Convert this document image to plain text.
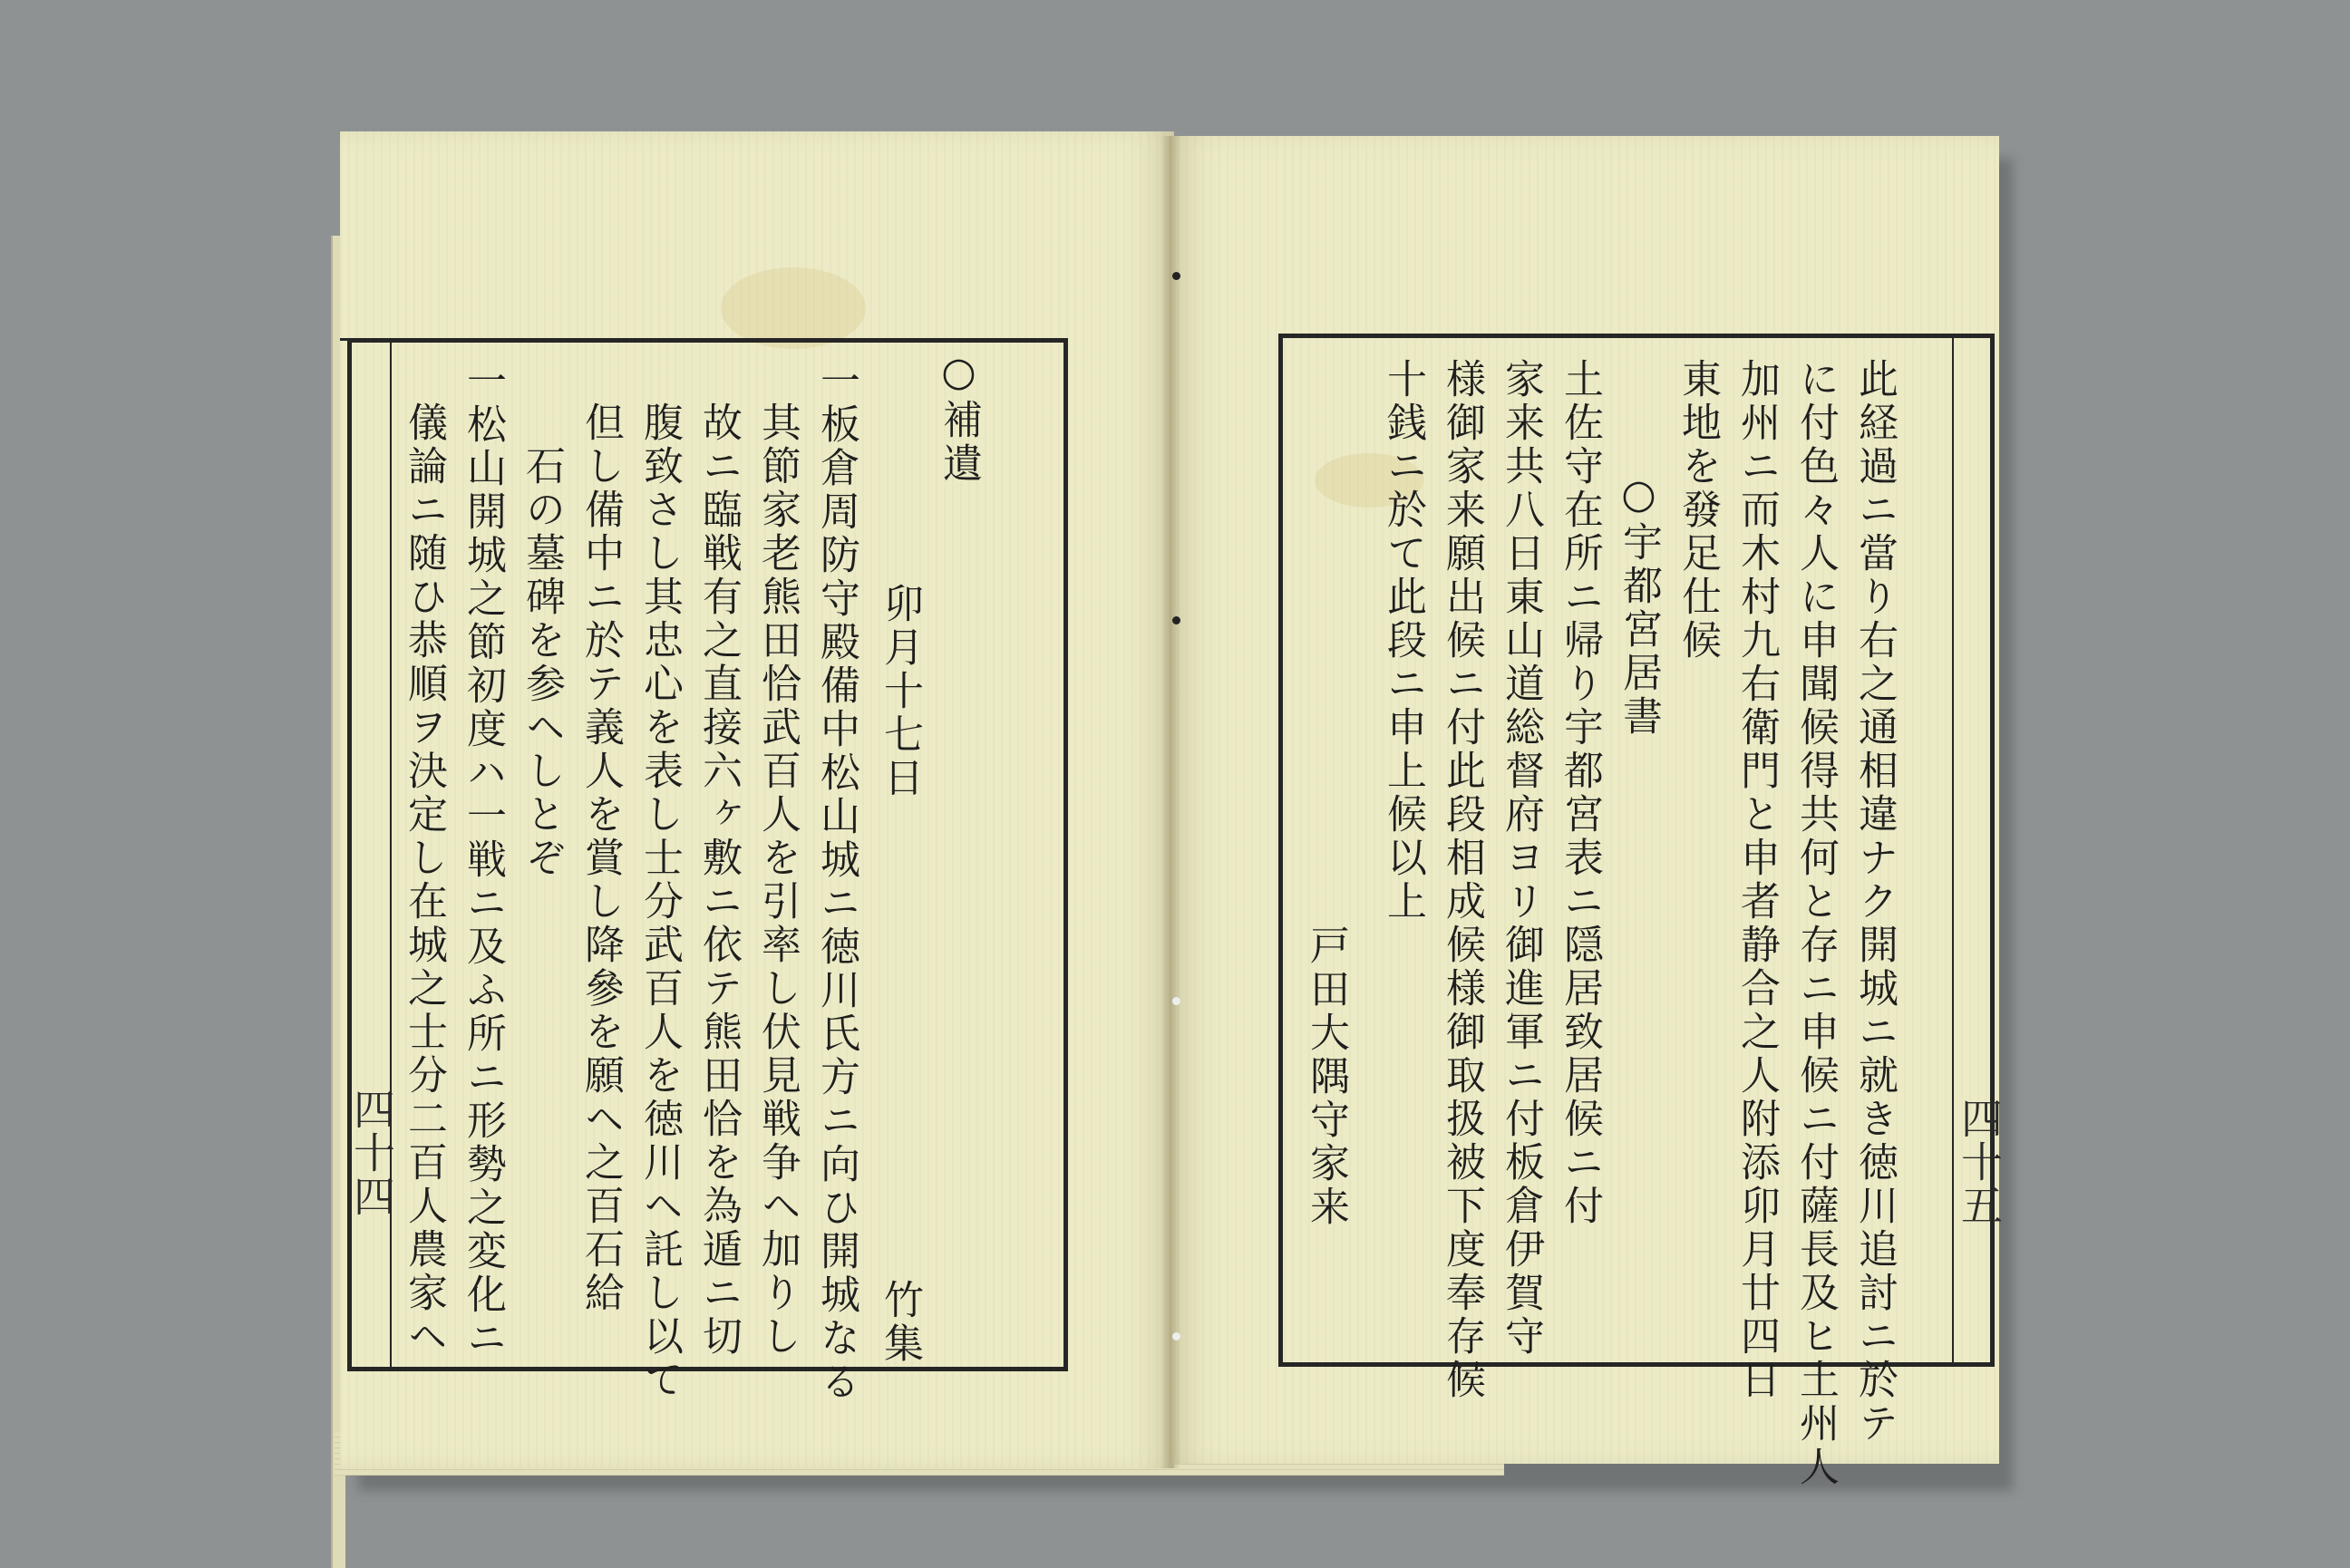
○補遺
　　　　　卯月十七日　　　　　　　　　　　竹集
一板倉周防守殿備中松山城ニ徳川氏方ニ向ひ開城なる
其節家老熊田恰武百人を引率し伏見戦争ヘ加りし
故ニ臨戦有之直接六ヶ敷ニ依テ熊田恰を為遁ニ切
腹致さし其忠心を表し士分武百人を徳川ヘ託し以て
但し備中ニ於テ義人を賞し降參を願ヘ之百石給
　石の墓碑を参ヘしとぞ
一松山開城之節初度ハ一戦ニ及ふ所ニ形勢之変化ニ
儀論ニ随ひ恭順ヲ決定し在城之士分二百人農家ヘ
四十四	此経過ニ當り右之通相違ナク開城ニ就き徳川追討ニ於テ
に付色々人に申聞候得共何と存ニ申候ニ付薩長及ヒ土州人
加州ニ而木村九右衛門と申者静合之人附添卯月廿四日
東地を發足仕候
○宇都宮居書
土佐守在所ニ帰り宇都宮表ニ隠居致居候ニ付
家来共八日東山道総督府ヨリ御進軍ニ付板倉伊賀守
様御家来願出候ニ付此段相成候様御取扱被下度奉存候
十銭ニ於て此段ニ申上候以上
戸田大隅守家来	四十五
